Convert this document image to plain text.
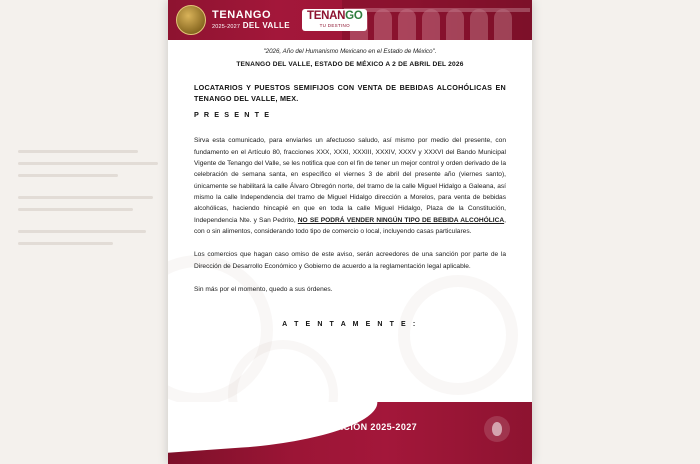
TENANGO
2025-2027 DEL VALLE
TENANGO
TU DESTINO
"2026, Año del Humanismo Mexicano en el Estado de México".
TENANGO DEL VALLE, ESTADO DE MÉXICO A 2 DE ABRIL DEL 2026
LOCATARIOS Y PUESTOS SEMIFIJOS CON VENTA DE BEBIDAS ALCOHÓLICAS EN TENANGO DEL VALLE, MEX.
P R E S E N T E

Sirva esta comunicado, para enviarles un afectuoso saludo, así mismo por medio del presente, con fundamento en el Artículo 80, fracciones XXX, XXXI, XXXIII, XXXIV, XXXV y XXXVI del Bando Municipal Vigente de Tenango del Valle, se les notifica que con el fin de tener un mejor control y orden derivado de la celebración de semana santa, en específico el viernes 3 de abril del presente año (viernes santo), únicamente se habilitará la calle Álvaro Obregón norte, del tramo de la calle Miguel Hidalgo a Galeana, así mismo la calle Independencia del tramo de Miguel Hidalgo dirección a Morelos, para venta de bebidas alcohólicas, haciendo hincapié en que en toda la calle Miguel Hidalgo, Plaza de la Constitución, Independencia Nte. y San Pedrito, NO SE PODRÁ VENDER NINGÚN TIPO DE BEBIDA ALCOHÓLICA, con o sin alimentos, considerando todo tipo de comercio o local, incluyendo casas particulares.

Los comercios que hagan caso omiso de este aviso, serán acreedores de una sanción por parte de la Dirección de Desarrollo Económico y Gobierno de acuerdo a la reglamentación legal aplicable.

Sin más por el momento, quedo a sus órdenes.

A T E N T A M E N T E :
ADMINISTRACIÓN 2025-2027
